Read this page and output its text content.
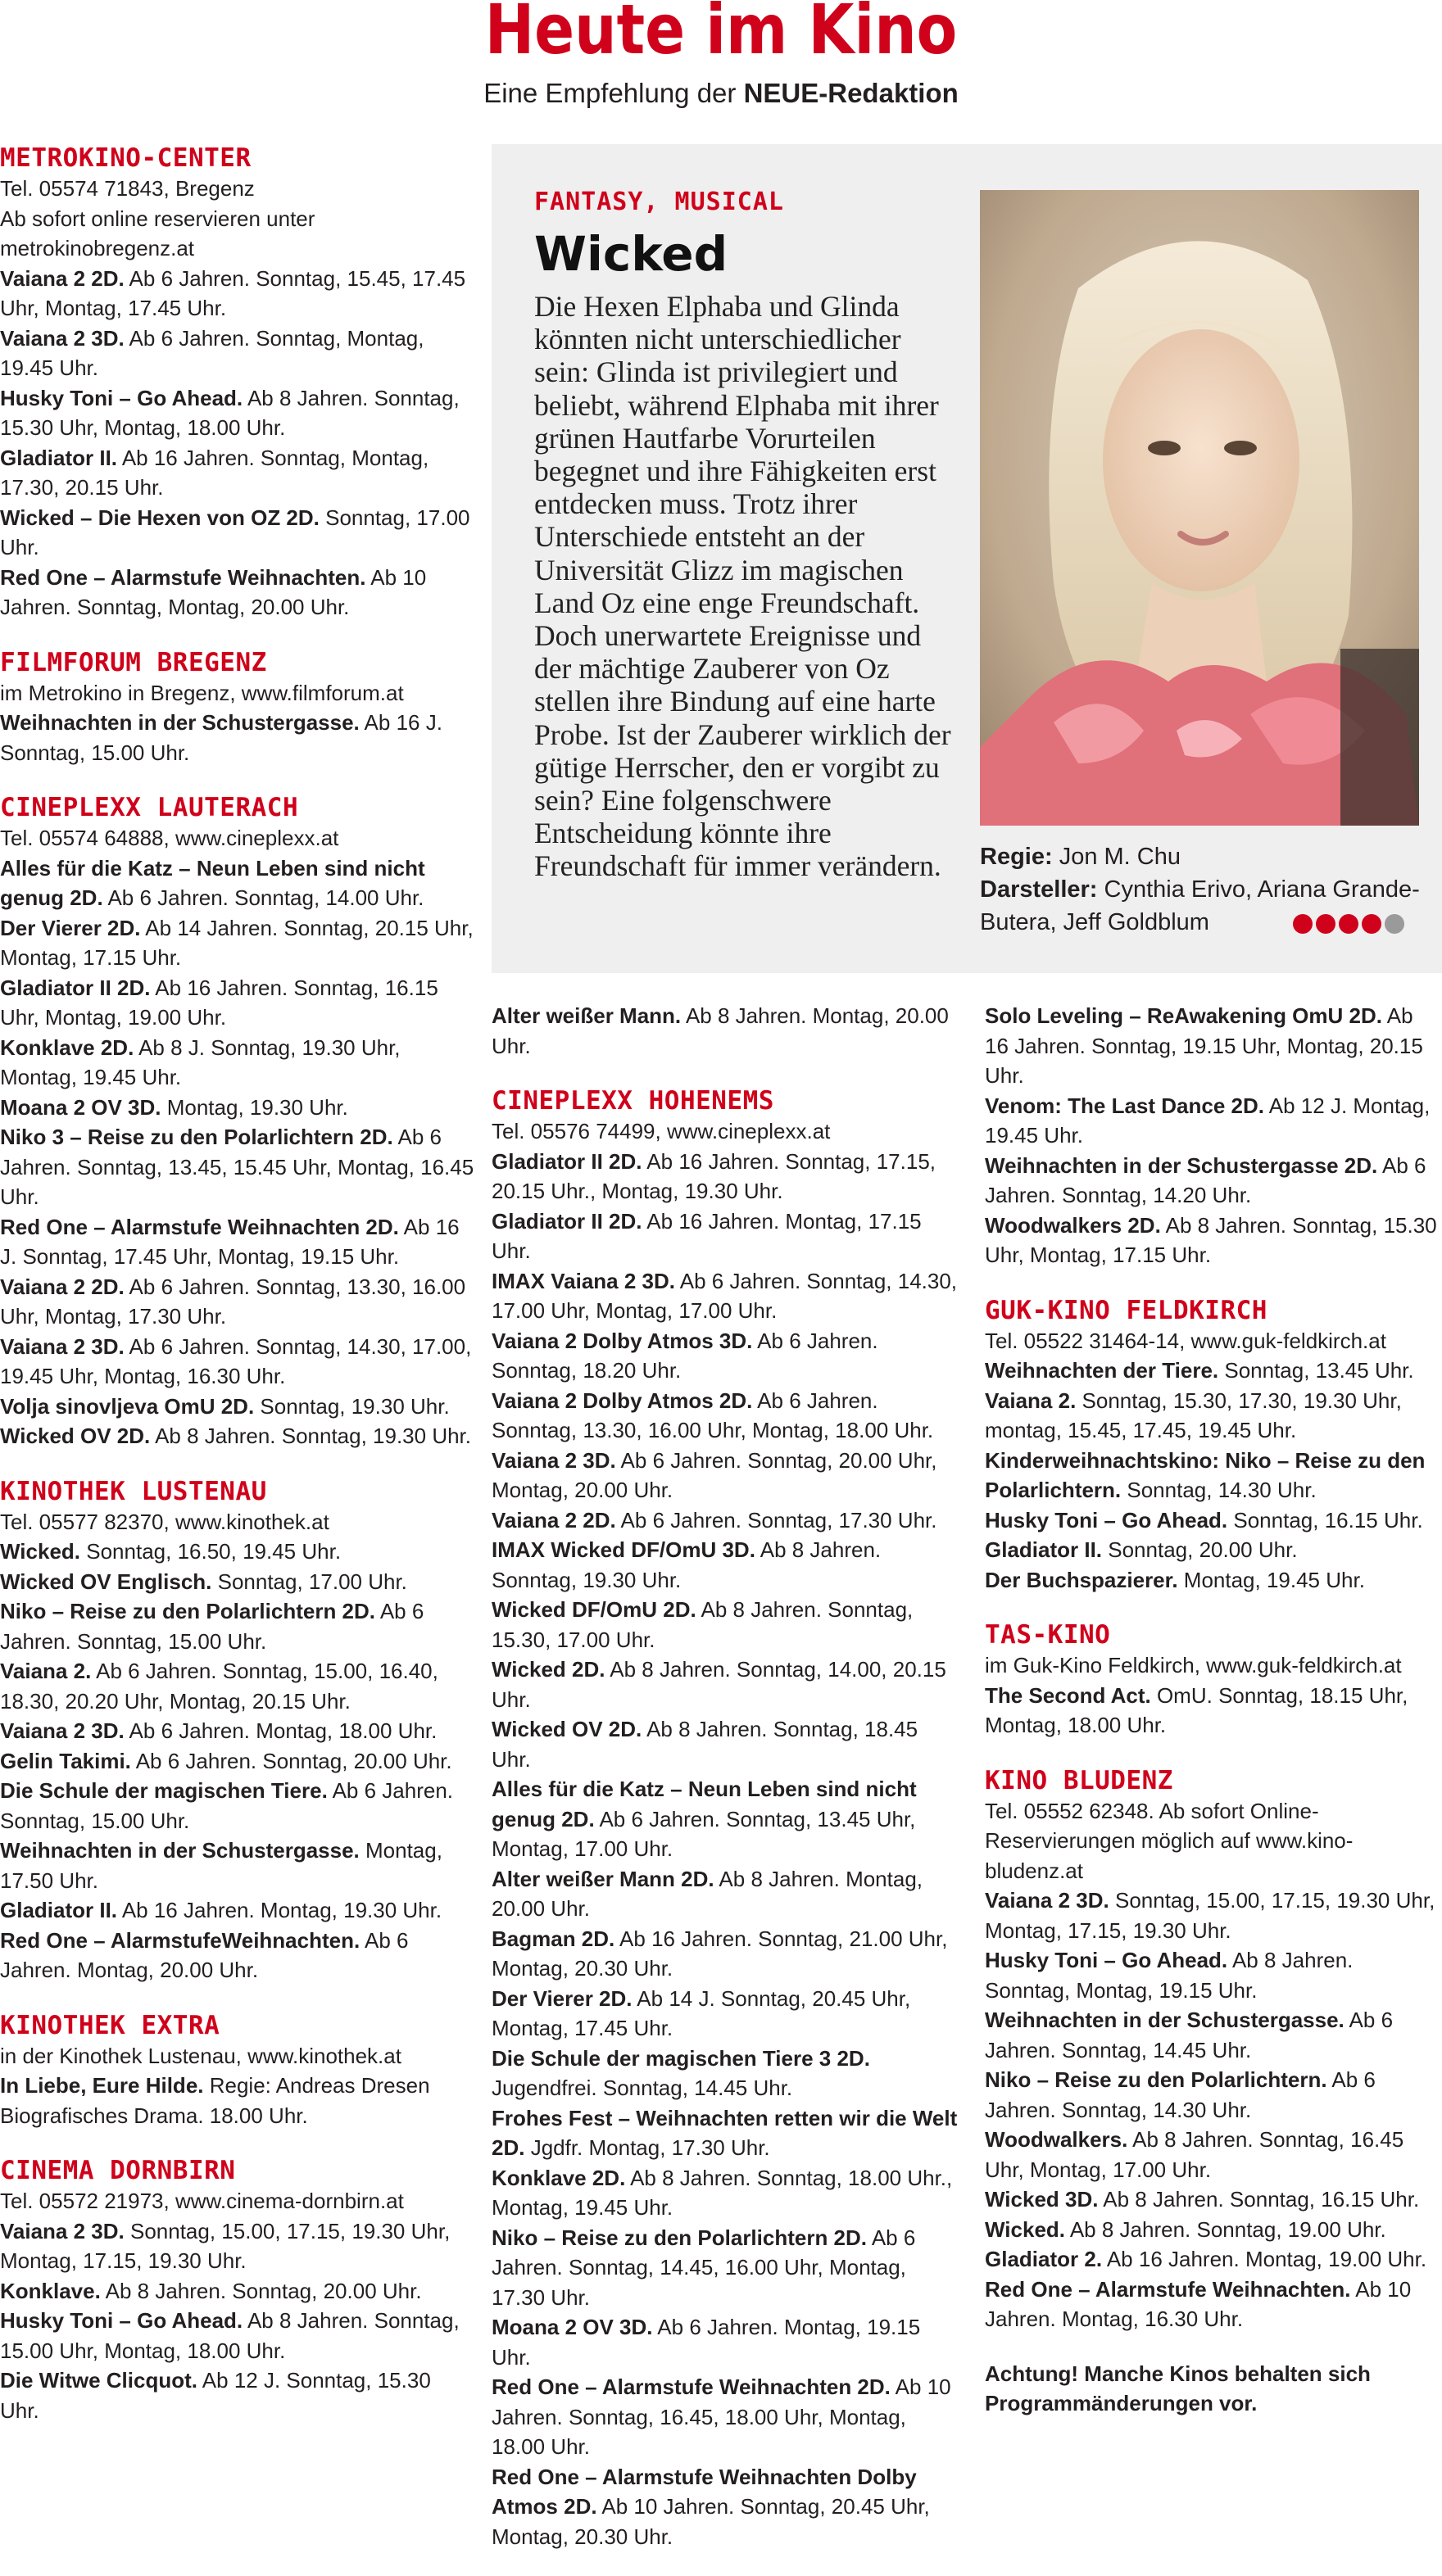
Heute im Kino

Eine Empfehlung der NEUE-Redaktion

METROKINO-CENTER
Tel. 05574 71843, Bregenz
Ab sofort online reservieren unter metrokinobregenz.at
Vaiana 2 2D. Ab 6 Jahren. Sonntag, 15.45, 17.45 Uhr, Montag, 17.45 Uhr.
Vaiana 2 3D. Ab 6 Jahren. Sonntag, Montag, 19.45 Uhr.
Husky Toni – Go Ahead. Ab 8 Jahren. Sonntag, 15.30 Uhr, Montag, 18.00 Uhr.
Gladiator II. Ab 16 Jahren. Sonntag, Montag, 17.30, 20.15 Uhr.
Wicked – Die Hexen von OZ 2D. Sonntag, 17.00 Uhr.
Red One – Alarmstufe Weihnachten. Ab 10 Jahren. Sonntag, Montag, 20.00 Uhr.
FILMFORUM BREGENZ
im Metrokino in Bregenz, www.filmforum.at
Weihnachten in der Schustergasse. Ab 16 J. Sonntag, 15.00 Uhr.
CINEPLEXX LAUTERACH
Tel. 05574 64888, www.cineplexx.at
Alles für die Katz – Neun Leben sind nicht genug 2D. Ab 6 Jahren. Sonntag, 14.00 Uhr.
Der Vierer 2D. Ab 14 Jahren. Sonntag, 20.15 Uhr, Montag, 17.15 Uhr.
Gladiator II 2D. Ab 16 Jahren. Sonntag, 16.15 Uhr, Montag, 19.00 Uhr.
Konklave 2D. Ab 8 J. Sonntag, 19.30 Uhr, Montag, 19.45 Uhr.
Moana 2 OV 3D. Montag, 19.30 Uhr.
Niko 3 – Reise zu den Polarlichtern 2D. Ab 6 Jahren. Sonntag, 13.45, 15.45 Uhr, Montag, 16.45 Uhr.
Red One – Alarmstufe Weihnachten 2D. Ab 16 J. Sonntag, 17.45 Uhr, Montag, 19.15 Uhr.
Vaiana 2 2D. Ab 6 Jahren. Sonntag, 13.30, 16.00 Uhr, Montag, 17.30 Uhr.
Vaiana 2 3D. Ab 6 Jahren. Sonntag, 14.30, 17.00, 19.45 Uhr, Montag, 16.30 Uhr.
Volja sinovljeva OmU 2D. Sonntag, 19.30 Uhr.
Wicked OV 2D. Ab 8 Jahren. Sonntag, 19.30 Uhr.
KINOTHEK LUSTENAU
Tel. 05577 82370, www.kinothek.at
Wicked. Sonntag, 16.50, 19.45 Uhr.
Wicked OV Englisch. Sonntag, 17.00 Uhr.
Niko – Reise zu den Polarlichtern 2D. Ab 6 Jahren. Sonntag, 15.00 Uhr.
Vaiana 2. Ab 6 Jahren. Sonntag, 15.00, 16.40, 18.30, 20.20 Uhr, Montag, 20.15 Uhr.
Vaiana 2 3D. Ab 6 Jahren. Montag, 18.00 Uhr.
Gelin Takimi. Ab 6 Jahren. Sonntag, 20.00 Uhr.
Die Schule der magischen Tiere. Ab 6 Jahren. Sonntag, 15.00 Uhr.
Weihnachten in der Schustergasse. Montag, 17.50 Uhr.
Gladiator II. Ab 16 Jahren. Montag, 19.30 Uhr.
Red One – AlarmstufeWeihnachten. Ab 6 Jahren. Montag, 20.00 Uhr.
KINOTHEK EXTRA
in der Kinothek Lustenau, www.kinothek.at
In Liebe, Eure Hilde. Regie: Andreas Dresen Biografisches Drama. 18.00 Uhr.
CINEMA DORNBIRN
Tel. 05572 21973, www.cinema-dornbirn.at
Vaiana 2 3D. Sonntag, 15.00, 17.15, 19.30 Uhr, Montag, 17.15, 19.30 Uhr.
Konklave. Ab 8 Jahren. Sonntag, 20.00 Uhr.
Husky Toni – Go Ahead. Ab 8 Jahren. Sonntag, 15.00 Uhr, Montag, 18.00 Uhr.
Die Witwe Clicquot. Ab 12 J. Sonntag, 15.30 Uhr.

FANTASY, MUSICAL

Wicked

Die Hexen Elphaba und Glinda könnten nicht unterschiedlicher sein: Glinda ist privilegiert und beliebt, während Elphaba mit ihrer grünen Hautfarbe Vorurteilen begegnet und ihre Fähigkeiten erst entdecken muss. Trotz ihrer Unterschiede entsteht an der Universität Glizz im magischen Land Oz eine enge Freundschaft. Doch unerwartete Ereignisse und der mächtige Zauberer von Oz stellen ihre Bindung auf eine harte Probe. Ist der Zauberer wirklich der gütige Herrscher, den er vorgibt zu sein? Eine folgenschwere Entscheidung könnte ihre Freundschaft für immer verändern.	Regie: Jon M. Chu
Darsteller: Cynthia Erivo, Ariana Grande-Butera, Jeff Goldblum
Alter weißer Mann. Ab 8 Jahren. Montag, 20.00 Uhr.
CINEPLEXX HOHENEMS
Tel. 05576 74499, www.cineplexx.at
Gladiator II 2D. Ab 16 Jahren. Sonntag, 17.15, 20.15 Uhr., Montag, 19.30 Uhr.
Gladiator II 2D. Ab 16 Jahren. Montag, 17.15 Uhr.
IMAX Vaiana 2 3D. Ab 6 Jahren. Sonntag, 14.30, 17.00 Uhr, Montag, 17.00 Uhr.
Vaiana 2 Dolby Atmos 3D. Ab 6 Jahren. Sonntag, 18.20 Uhr.
Vaiana 2 Dolby Atmos 2D. Ab 6 Jahren. Sonntag, 13.30, 16.00 Uhr, Montag, 18.00 Uhr.
Vaiana 2 3D. Ab 6 Jahren. Sonntag, 20.00 Uhr, Montag, 20.00 Uhr.
Vaiana 2 2D. Ab 6 Jahren. Sonntag, 17.30 Uhr.
IMAX Wicked DF/OmU 3D. Ab 8 Jahren. Sonntag, 19.30 Uhr.
Wicked DF/OmU 2D. Ab 8 Jahren. Sonntag, 15.30, 17.00 Uhr.
Wicked 2D. Ab 8 Jahren. Sonntag, 14.00, 20.15 Uhr.
Wicked OV 2D. Ab 8 Jahren. Sonntag, 18.45 Uhr.
Alles für die Katz – Neun Leben sind nicht genug 2D. Ab 6 Jahren. Sonntag, 13.45 Uhr, Montag, 17.00 Uhr.
Alter weißer Mann 2D. Ab 8 Jahren. Montag, 20.00 Uhr.
Bagman 2D. Ab 16 Jahren. Sonntag, 21.00 Uhr, Montag, 20.30 Uhr.
Der Vierer 2D. Ab 14 J. Sonntag, 20.45 Uhr, Montag, 17.45 Uhr.
Die Schule der magischen Tiere 3 2D. Jugendfrei. Sonntag, 14.45 Uhr.
Frohes Fest – Weihnachten retten wir die Welt 2D. Jgdfr. Montag, 17.30 Uhr.
Konklave 2D. Ab 8 Jahren. Sonntag, 18.00 Uhr., Montag, 19.45 Uhr.
Niko – Reise zu den Polarlichtern 2D. Ab 6 Jahren. Sonntag, 14.45, 16.00 Uhr, Montag, 17.30 Uhr.
Moana 2 OV 3D. Ab 6 Jahren. Montag, 19.15 Uhr.
Red One – Alarmstufe Weihnachten 2D. Ab 10 Jahren. Sonntag, 16.45, 18.00 Uhr, Montag, 18.00 Uhr.
Red One – Alarmstufe Weihnachten Dolby Atmos 2D. Ab 10 Jahren. Sonntag, 20.45 Uhr, Montag, 20.30 Uhr.
Solo Leveling – ReAwakening OmU 2D. Ab 16 Jahren. Sonntag, 19.15 Uhr, Montag, 20.15 Uhr.
Venom: The Last Dance 2D. Ab 12 J. Montag, 19.45 Uhr.
Weihnachten in der Schustergasse 2D. Ab 6 Jahren. Sonntag, 14.20 Uhr.
Woodwalkers 2D. Ab 8 Jahren. Sonntag, 15.30 Uhr, Montag, 17.15 Uhr.
GUK-KINO FELDKIRCH
Tel. 05522 31464-14, www.guk-feldkirch.at
Weihnachten der Tiere. Sonntag, 13.45 Uhr.
Vaiana 2. Sonntag, 15.30, 17.30, 19.30 Uhr, montag, 15.45, 17.45, 19.45 Uhr.
Kinderweihnachtskino: Niko – Reise zu den Polarlichtern. Sonntag, 14.30 Uhr.
Husky Toni – Go Ahead. Sonntag, 16.15 Uhr.
Gladiator II. Sonntag, 20.00 Uhr.
Der Buchspazierer. Montag, 19.45 Uhr.
TAS-KINO
im Guk-Kino Feldkirch, www.guk-feldkirch.at
The Second Act. OmU. Sonntag, 18.15 Uhr, Montag, 18.00 Uhr.
KINO BLUDENZ
Tel. 05552 62348. Ab sofort Online-Reservierungen möglich auf www.kino-bludenz.at
Vaiana 2 3D. Sonntag, 15.00, 17.15, 19.30 Uhr, Montag, 17.15, 19.30 Uhr.
Husky Toni – Go Ahead. Ab 8 Jahren. Sonntag, Montag, 19.15 Uhr.
Weihnachten in der Schustergasse. Ab 6 Jahren. Sonntag, 14.45 Uhr.
Niko – Reise zu den Polarlichtern. Ab 6 Jahren. Sonntag, 14.30 Uhr.
Woodwalkers. Ab 8 Jahren. Sonntag, 16.45 Uhr, Montag, 17.00 Uhr.
Wicked 3D. Ab 8 Jahren. Sonntag, 16.15 Uhr.
Wicked. Ab 8 Jahren. Sonntag, 19.00 Uhr.
Gladiator 2. Ab 16 Jahren. Montag, 19.00 Uhr.
Red One – Alarmstufe Weihnachten. Ab 10 Jahren. Montag, 16.30 Uhr.
Achtung! Manche Kinos behalten sich Programmänderungen vor.
